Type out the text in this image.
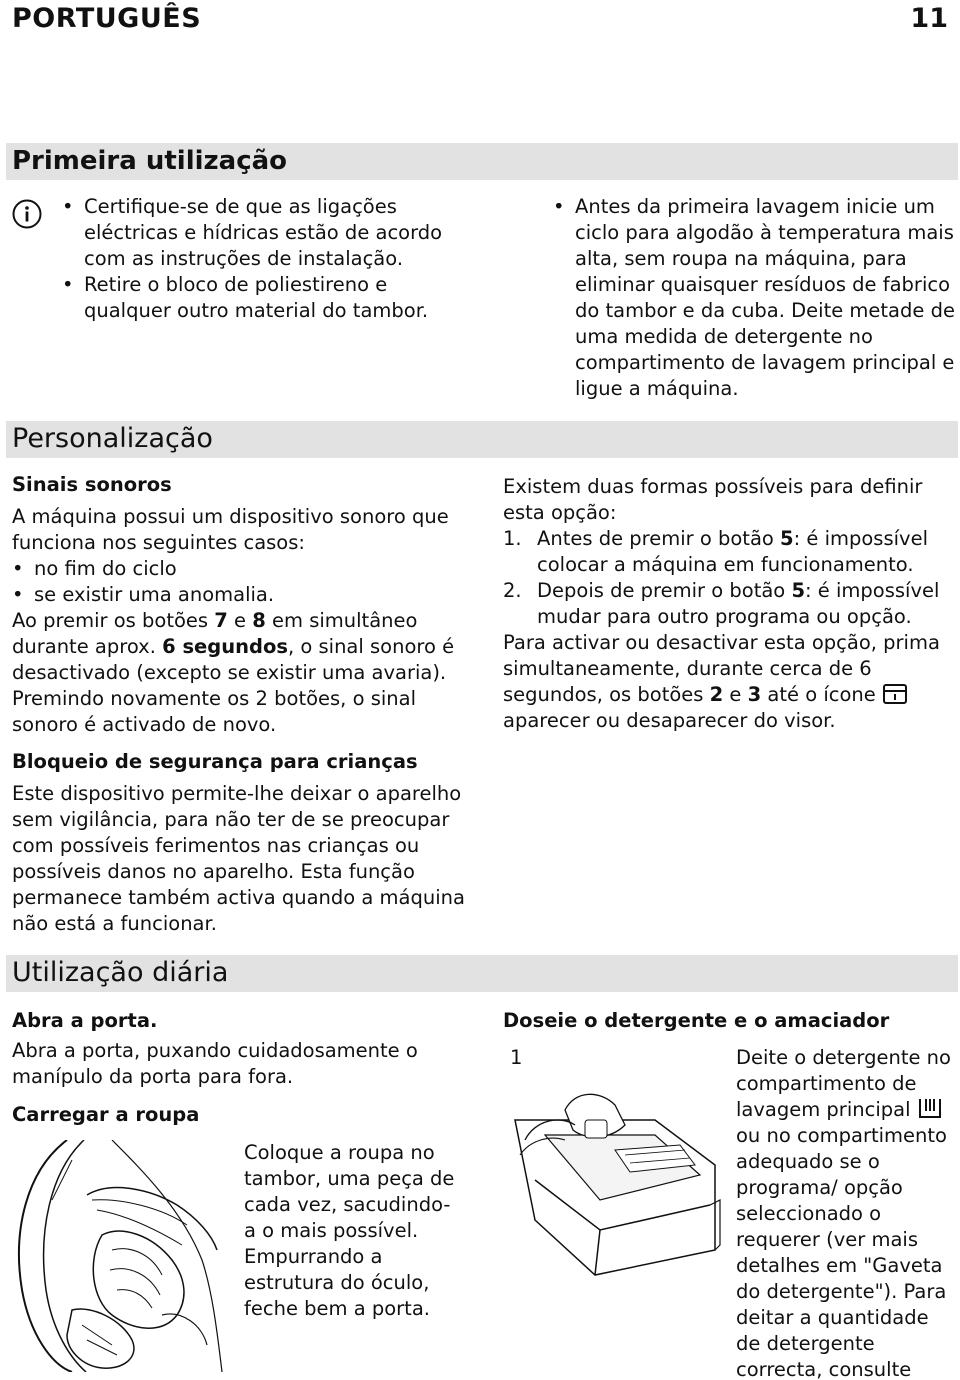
PORTUGUÊS	11
Primeira utilização
• Certifique-se de que as ligações eléctricas e hídricas estão de acordo com as instruções de instalação.
• Retire o bloco de poliestireno e qualquer outro material do tambor.
• Antes da primeira lavagem inicie um ciclo para algodão à temperatura mais alta, sem roupa na máquina, para eliminar quaisquer resíduos de fabrico do tambor e da cuba. Deite metade de uma medida de detergente no compartimento de lavagem principal e ligue a máquina.
Personalização
Sinais sonoros
A máquina possui um dispositivo sonoro que funciona nos seguintes casos:
• no fim do ciclo
• se existir uma anomalia.
Ao premir os botões 7 e 8 em simultâneo durante aprox. 6 segundos, o sinal sonoro é desactivado (excepto se existir uma avaria).
Premindo novamente os 2 botões, o sinal sonoro é activado de novo.
Bloqueio de segurança para crianças
Este dispositivo permite-lhe deixar o aparelho sem vigilância, para não ter de se preocupar com possíveis ferimentos nas crianças ou possíveis danos no aparelho. Esta função permanece também activa quando a máquina não está a funcionar.
Existem duas formas possíveis para definir esta opção:
1. Antes de premir o botão 5: é impossível colocar a máquina em funcionamento.
2. Depois de premir o botão 5: é impossível mudar para outro programa ou opção.
Para activar ou desactivar esta opção, prima simultaneamente, durante cerca de 6 segundos, os botões 2 e 3 até o ícone  aparecer ou desaparecer do visor.
Utilização diária
Abra a porta.
Abra a porta, puxando cuidadosamente o manípulo da porta para fora.
Carregar a roupa
Coloque a roupa no tambor, uma peça de cada vez, sacudindo-a o mais possível.
Empurrando a estrutura do óculo, feche bem a porta.
Doseie o detergente e o amaciador
1	Deite o detergente no compartimento de lavagem principal  ou no compartimento adequado se o programa/ opção seleccionado o requerer (ver mais detalhes em "Gaveta do detergente"). Para deitar a quantidade de detergente correcta, consulte
